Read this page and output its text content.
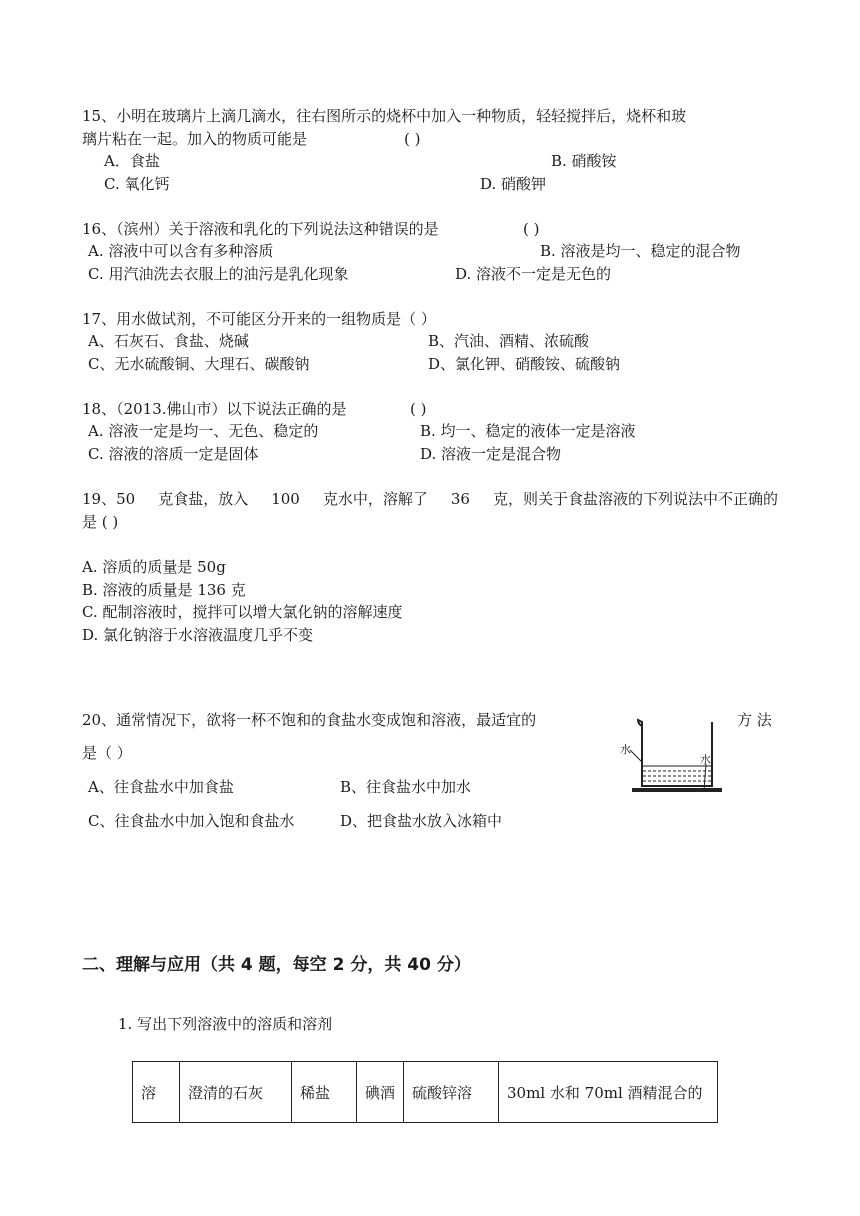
15、小明在玻璃片上滴几滴水，往右图所示的烧杯中加入一种物质，轻轻搅拌后，烧杯和玻
璃片粘在一起。加入的物质可能是	( )
A．食盐	B. 硝酸铵
C. 氧化钙	D. 硝酸钾
16、（滨州）关于溶液和乳化的下列说法这种错误的是	( )
A. 溶液中可以含有多种溶质	B. 溶液是均一、稳定的混合物
C. 用汽油洗去衣服上的油污是乳化现象	D. 溶液不一定是无色的
17、用水做试剂，不可能区分开来的一组物质是（ ）
A、石灰石、食盐、烧碱	B、汽油、酒精、浓硫酸
C、无水硫酸铜、大理石、碳酸钠	D、氯化钾、硝酸铵、硫酸钠
18、（2013.佛山市）以下说法正确的是	( )
A. 溶液一定是均一、无色、稳定的	B. 均一、稳定的液体一定是溶液
C. 溶液的溶质一定是固体	D. 溶液一定是混合物
19、50 克食盐，放入 100 克水中，溶解了 36 克，则关于食盐溶液的下列说法中不正确的
是 ( )
A. 溶质的质量是 50g
B. 溶液的质量是 136 克
C. 配制溶液时，搅拌可以增大氯化钠的溶解速度
D. 氯化钠溶于水溶液温度几乎不变
20、通常情况下，欲将一杯不饱和的食盐水变成饱和溶液，最适宜的	方 法
是（ ）
A、往食盐水中加食盐	B、往食盐水中加水
C、往食盐水中加入饱和食盐水	D、把食盐水放入冰箱中
水
水
二、理解与应用（共 4 题，每空 2 分，共 40 分）
1. 写出下列溶液中的溶质和溶剂
溶	澄清的石灰	稀盐	碘酒	硫酸锌溶	30ml 水和 70ml 酒精混合的
